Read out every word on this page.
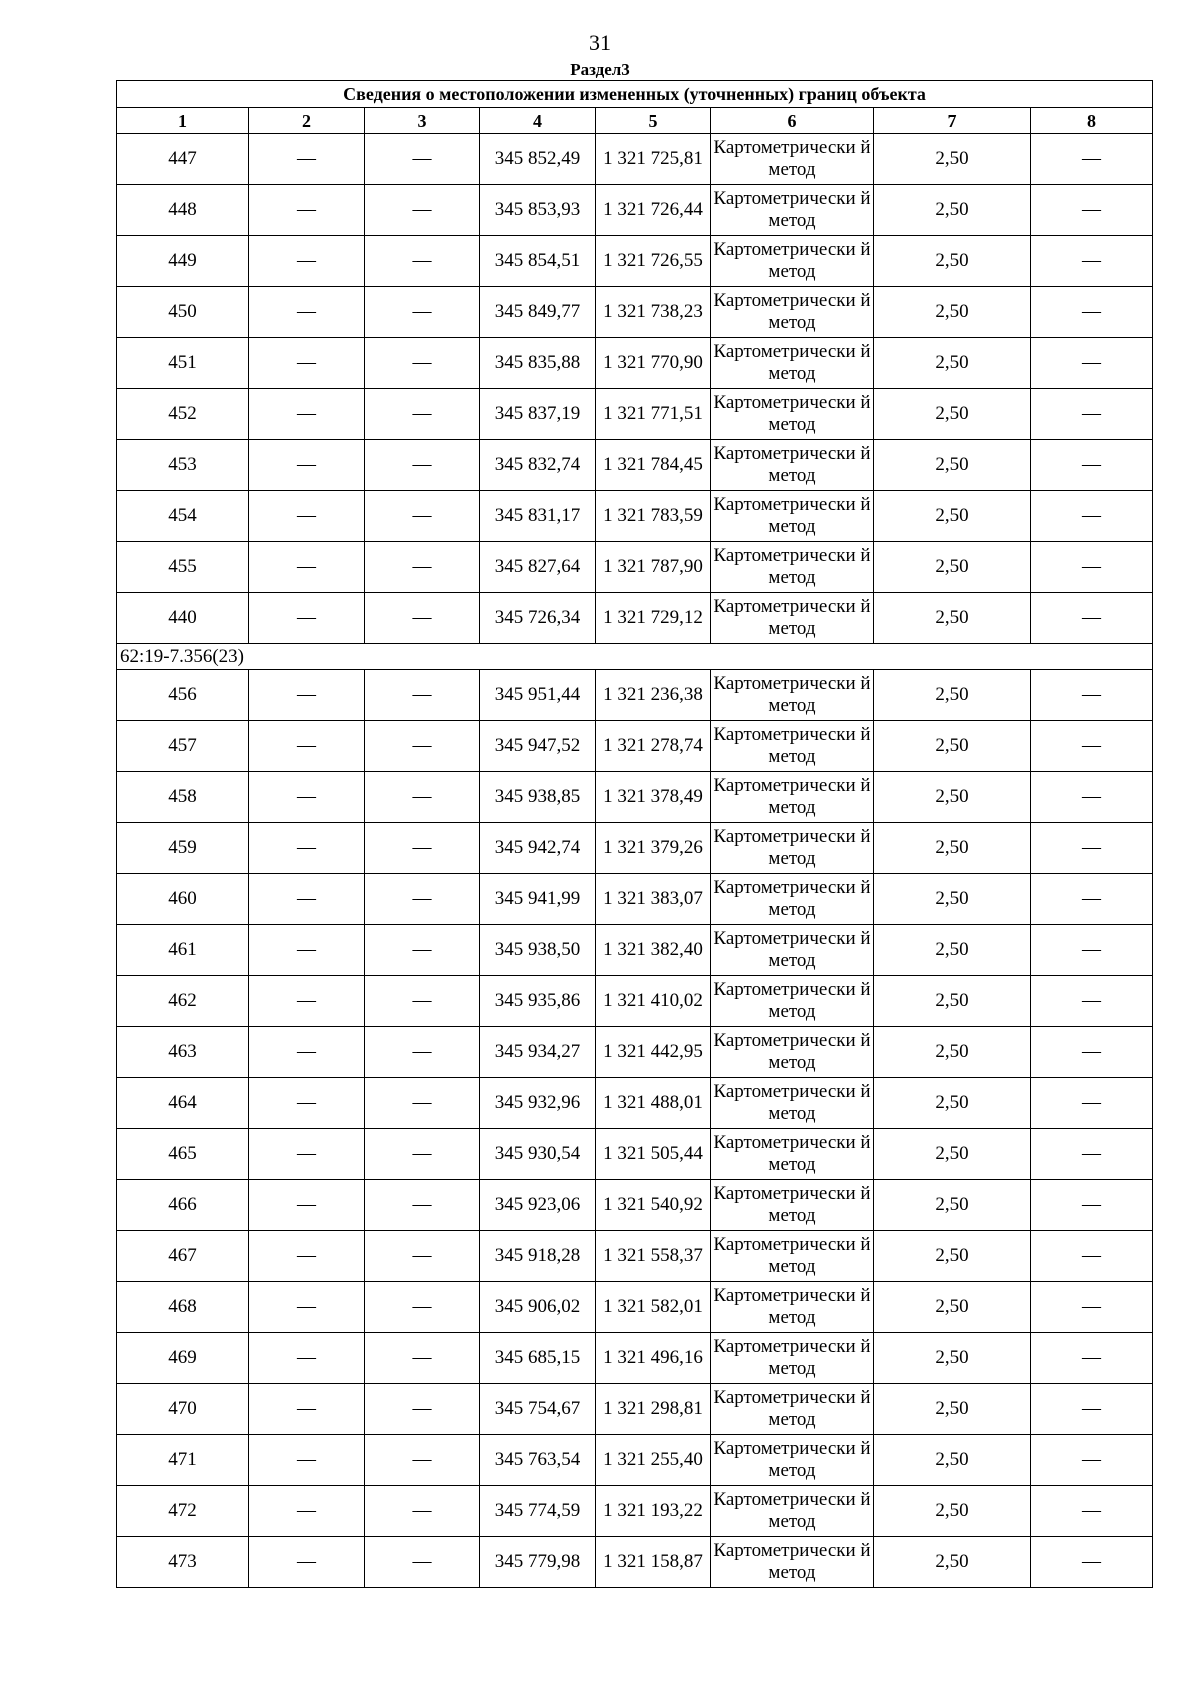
31
Раздел3
Сведения о местоположении измененных (уточненных) границ объекта							
1	2	3	4	5	6	7	8
447	—	—	345 852,49	1 321 725,81	Картометрически й метод	2,50	—
448	—	—	345 853,93	1 321 726,44	Картометрически й метод	2,50	—
449	—	—	345 854,51	1 321 726,55	Картометрически й метод	2,50	—
450	—	—	345 849,77	1 321 738,23	Картометрически й метод	2,50	—
451	—	—	345 835,88	1 321 770,90	Картометрически й метод	2,50	—
452	—	—	345 837,19	1 321 771,51	Картометрически й метод	2,50	—
453	—	—	345 832,74	1 321 784,45	Картометрически й метод	2,50	—
454	—	—	345 831,17	1 321 783,59	Картометрически й метод	2,50	—
455	—	—	345 827,64	1 321 787,90	Картометрически й метод	2,50	—
440	—	—	345 726,34	1 321 729,12	Картометрически й метод	2,50	—
62:19-7.356(23)							
456	—	—	345 951,44	1 321 236,38	Картометрически й метод	2,50	—
457	—	—	345 947,52	1 321 278,74	Картометрически й метод	2,50	—
458	—	—	345 938,85	1 321 378,49	Картометрически й метод	2,50	—
459	—	—	345 942,74	1 321 379,26	Картометрически й метод	2,50	—
460	—	—	345 941,99	1 321 383,07	Картометрически й метод	2,50	—
461	—	—	345 938,50	1 321 382,40	Картометрически й метод	2,50	—
462	—	—	345 935,86	1 321 410,02	Картометрически й метод	2,50	—
463	—	—	345 934,27	1 321 442,95	Картометрически й метод	2,50	—
464	—	—	345 932,96	1 321 488,01	Картометрически й метод	2,50	—
465	—	—	345 930,54	1 321 505,44	Картометрически й метод	2,50	—
466	—	—	345 923,06	1 321 540,92	Картометрически й метод	2,50	—
467	—	—	345 918,28	1 321 558,37	Картометрически й метод	2,50	—
468	—	—	345 906,02	1 321 582,01	Картометрически й метод	2,50	—
469	—	—	345 685,15	1 321 496,16	Картометрически й метод	2,50	—
470	—	—	345 754,67	1 321 298,81	Картометрически й метод	2,50	—
471	—	—	345 763,54	1 321 255,40	Картометрически й метод	2,50	—
472	—	—	345 774,59	1 321 193,22	Картометрически й метод	2,50	—
473	—	—	345 779,98	1 321 158,87	Картометрически й метод	2,50	—
